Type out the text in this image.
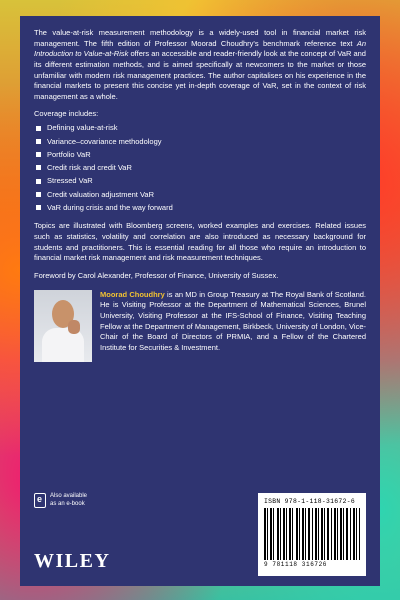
The value-at-risk measurement methodology is a widely-used tool in financial market risk management. The fifth edition of Professor Moorad Choudhry's benchmark reference text An Introduction to Value-at-Risk offers an accessible and reader-friendly look at the concept of VaR and its different estimation methods, and is aimed specifically at newcomers to the market or those unfamiliar with modern risk management practices. The author capitalises on his experience in the financial markets to present this concise yet in-depth coverage of VaR, set in the context of risk management as a whole.

Coverage includes:
Defining value-at-risk
Variance–covariance methodology
Portfolio VaR
Credit risk and credit VaR
Stressed VaR
Credit valuation adjustment VaR
VaR during crisis and the way forward

Topics are illustrated with Bloomberg screens, worked examples and exercises. Related issues such as statistics, volatility and correlation are also introduced as necessary background for students and practitioners. This is essential reading for all those who require an introduction to financial market risk management and risk measurement techniques.

Foreword by Carol Alexander, Professor of Finance, University of Sussex.
Moorad Choudhry is an MD in Group Treasury at The Royal Bank of Scotland. He is Visiting Professor at the Department of Mathematical Sciences, Brunel University, Visiting Professor at the IFS-School of Finance, Visiting Teaching Fellow at the Department of Management, Birkbeck, University of London, Vice-Chair of the Board of Directors of PRMIA, and a Fellow of the Chartered Institute for Securities & Investment.
e
Also available
as an e-book	ISBN 978-1-118-31672-6
9 781118 316726
WILEY
